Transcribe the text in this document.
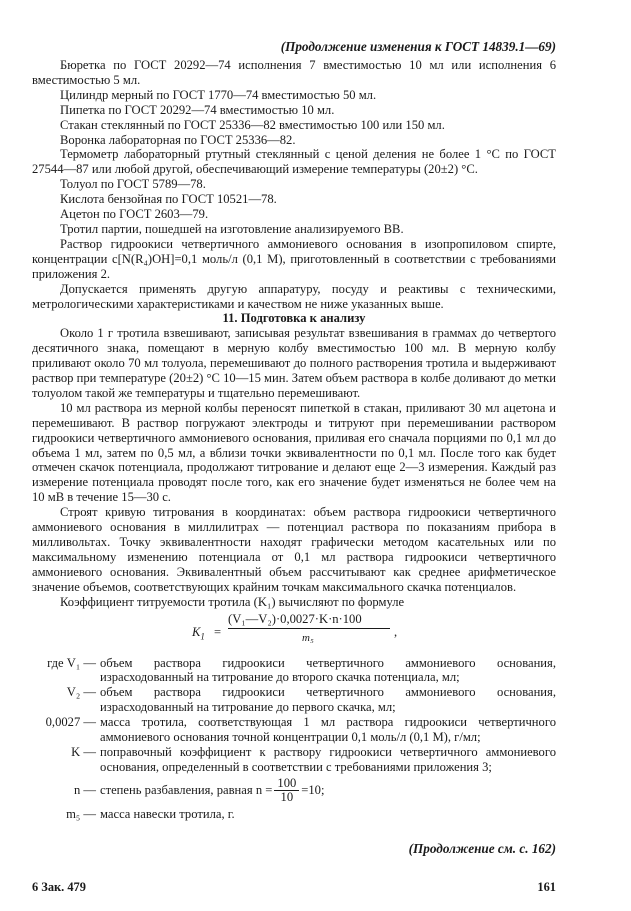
(Продолжение изменения к ГОСТ 14839.1—69)

Бюретка по ГОСТ 20292—74 исполнения 7 вместимостью 10 мл или исполнения 6 вместимостью 5 мл.

Цилиндр мерный по ГОСТ 1770—74 вместимостью 50 мл.

Пипетка по ГОСТ 20292—74 вместимостью 10 мл.

Стакан стеклянный по ГОСТ 25336—82 вместимостью 100 или 150 мл.

Воронка лабораторная по ГОСТ 25336—82.

Термометр лабораторный ртутный стеклянный с ценой деления не более 1 °С по ГОСТ 27544—87 или любой другой, обеспечивающий измерение температуры (20±2) °С.

Толуол по ГОСТ 5789—78.

Кислота бензойная по ГОСТ 10521—78.

Ацетон по ГОСТ 2603—79.

Тротил партии, пошедшей на изготовление анализируемого ВВ.

Раствор гидроокиси четвертичного аммониевого основания в изопропиловом спирте, концентрации c[N(R₄)OH]=0,1 моль/л (0,1 М), приготовленный в соответствии с требованиями приложения 2.

Допускается применять другую аппаратуру, посуду и реактивы с техническими, метрологическими характеристиками и качеством не ниже указанных выше.

11. Подготовка к анализу

Около 1 г тротила взвешивают, записывая результат взвешивания в граммах до четвертого десятичного знака, помещают в мерную колбу вместимостью 100 мл. В мерную колбу приливают около 70 мл толуола, перемешивают до полного растворения тротила и выдерживают раствор при температуре (20±2) °С 10—15 мин. Затем объем раствора в колбе доливают до метки толуолом такой же температуры и тщательно перемешивают.

10 мл раствора из мерной колбы переносят пипеткой в стакан, приливают 30 мл ацетона и перемешивают. В раствор погружают электроды и титруют при перемешивании раствором гидроокиси четвертичного аммониевого основания, приливая его сначала порциями по 0,1 мл до объема 1 мл, затем по 0,5 мл, а вблизи точки эквивалентности по 0,1 мл. После того как будет отмечен скачок потенциала, продолжают титрование и делают еще 2—3 измерения. Каждый раз измерение потенциала проводят после того, как его значение будет изменяться не более чем на 10 мВ в течение 15—30 с.

Строят кривую титрования в координатах: объем раствора гидроокиси четвертичного аммониевого основания в миллилитрах — потенциал раствора по показаниям прибора в милливольтах. Точку эквивалентности находят графически методом касательных или по максимальному изменению потенциала от 0,1 мл раствора гидроокиси четвертичного аммониевого основания. Эквивалентный объем рассчитывают как среднее арифметическое значение объемов, соответствующих крайним точкам максимального скачка потенциалов.

Коэффициент титруемости тротила (K₁) вычисляют по формуле

$K_1$ =
(V₁—V₂)·0,0027·K·n·100
m₅	,
где V₁ — объем раствора гидроокиси четвертичного аммониевого основания, израсходованный на титрование до второго скачка потенциала, мл;
V₂ — объем раствора гидроокиси четвертичного аммониевого основания, израсходованный на титрование до первого скачка, мл;
0,0027 — масса тротила, соответствующая 1 мл раствора гидроокиси четвертичного аммониевого основания точной концентрации 0,1 моль/л (0,1 М), г/мл;
K — поправочный коэффициент к раствору гидроокиси четвертичного аммониевого основания, определенный в соответствии с требованиями приложения 3;
n — степень разбавления, равная $n = \frac{100}{10} =10$;
m₅ — масса навески тротила, г.
(Продолжение см. с. 162)
6 Зак. 479	161
